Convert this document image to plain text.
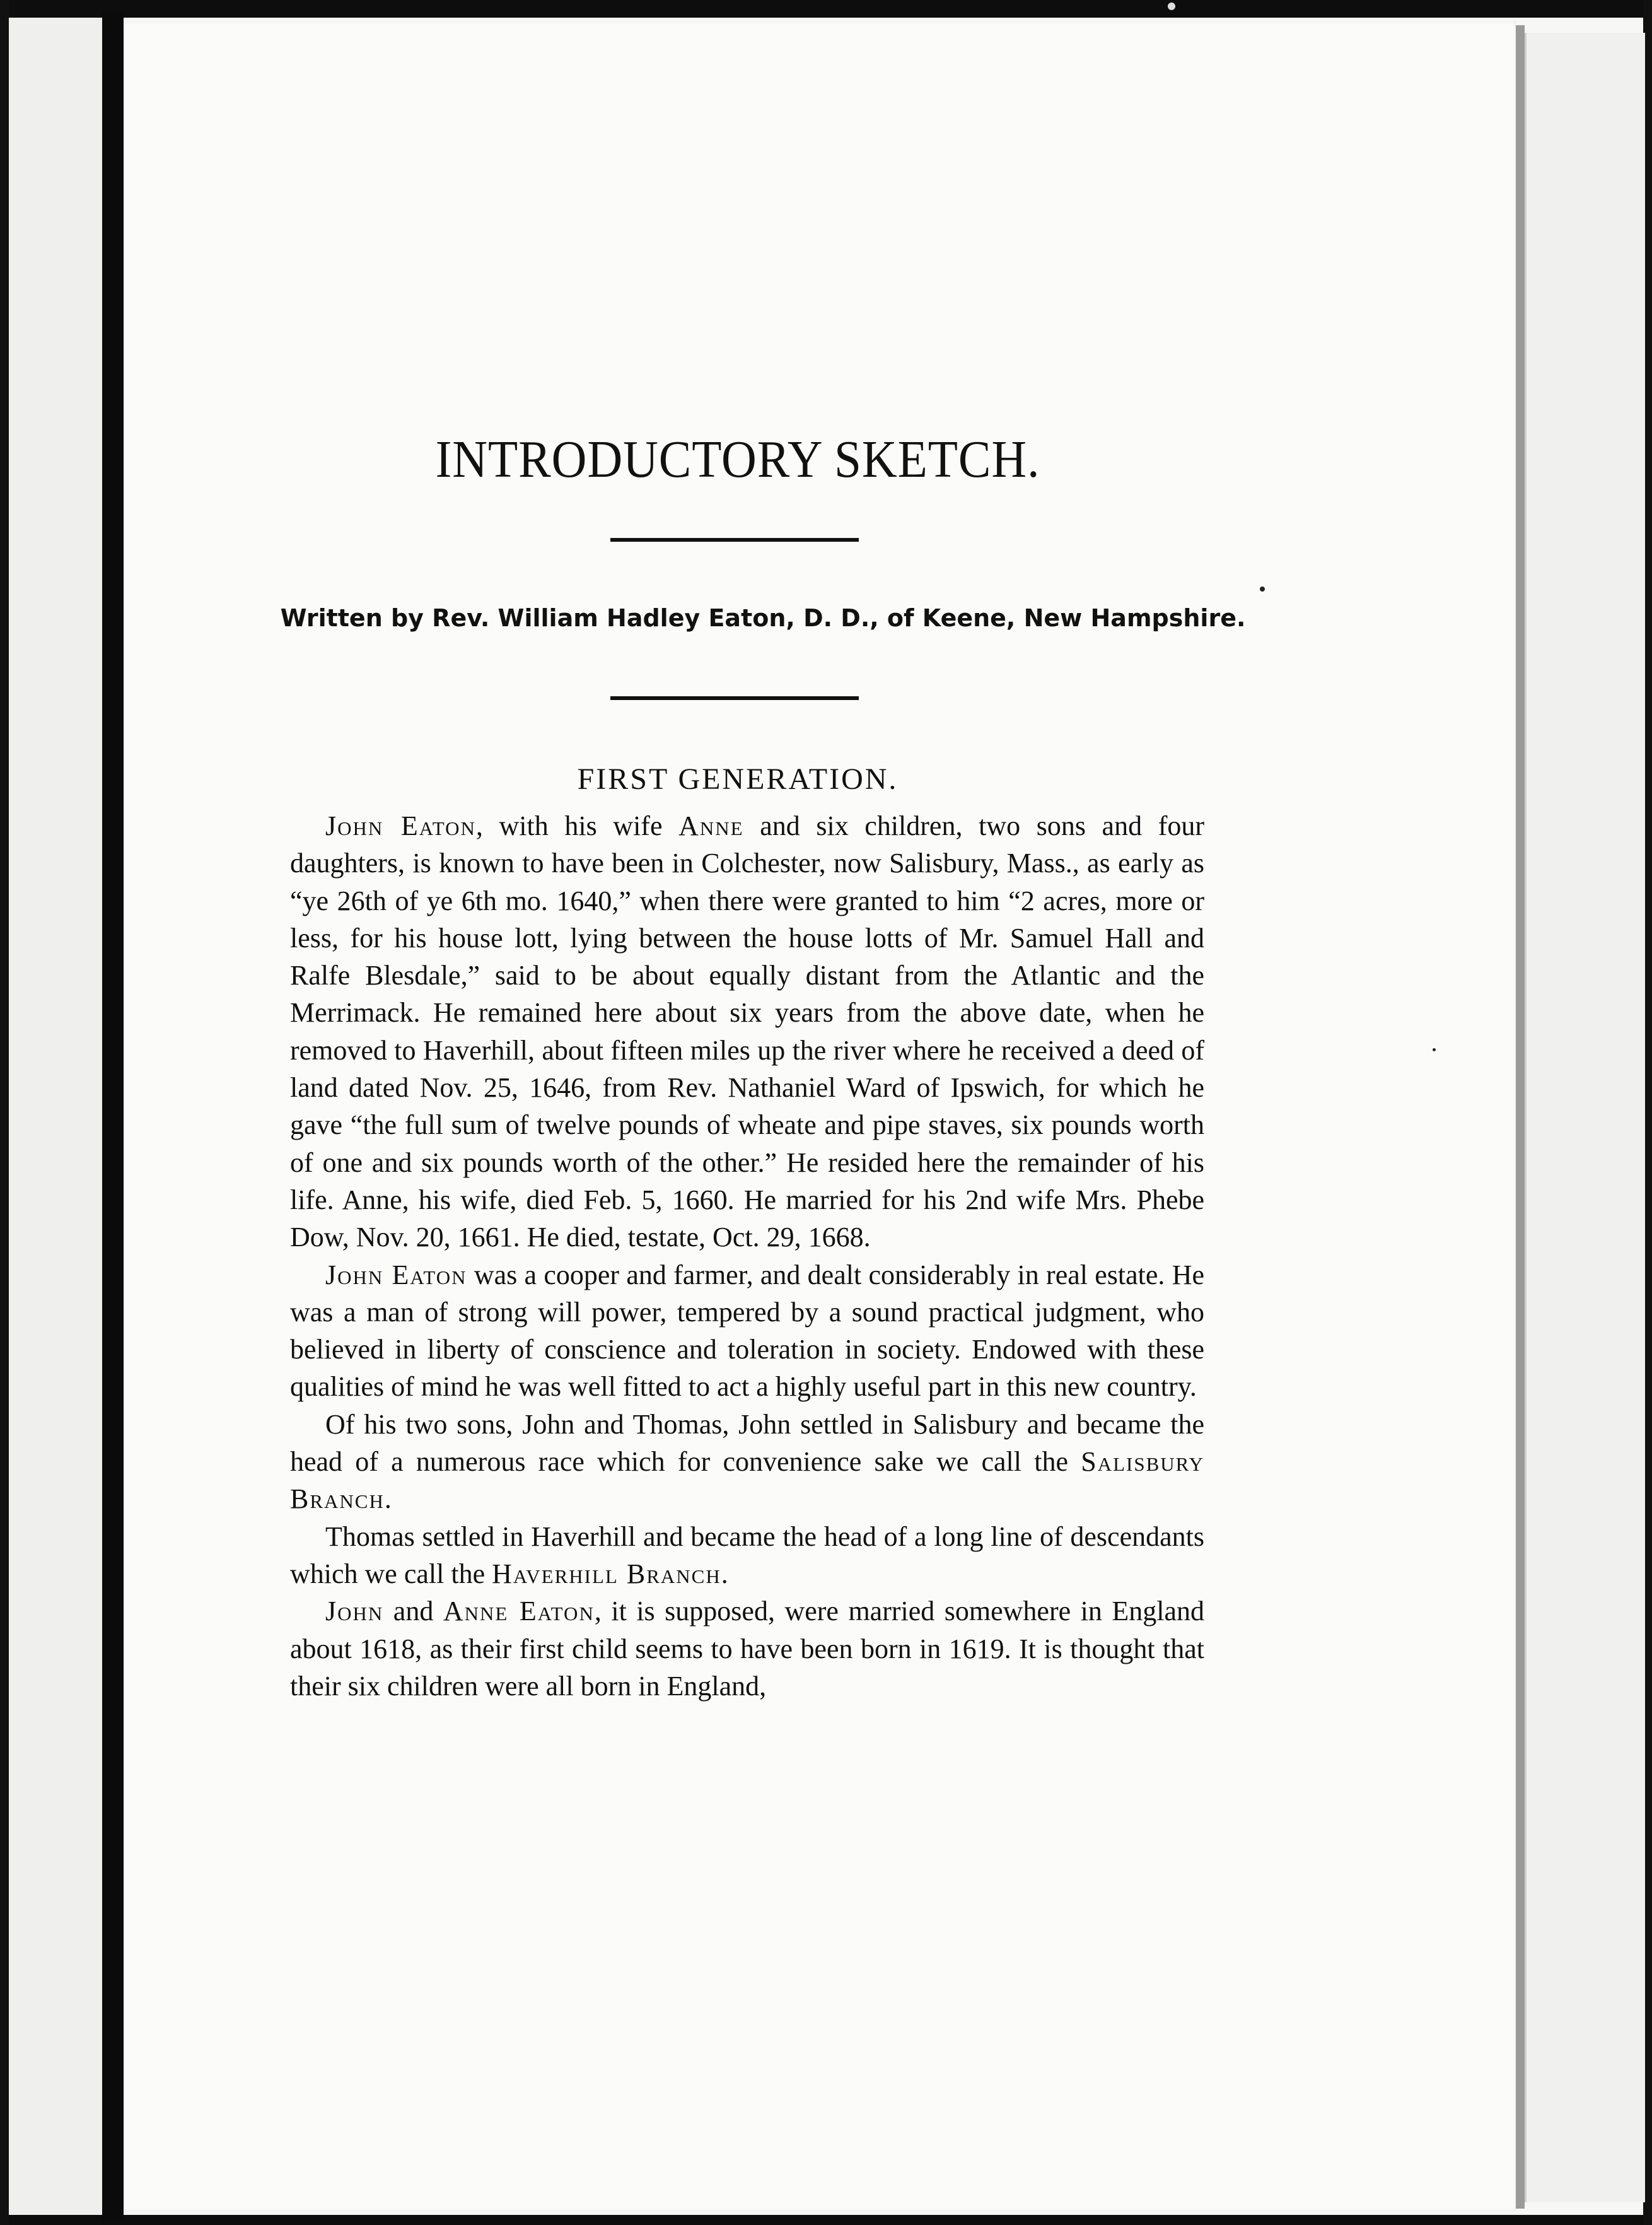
INTRODUCTORY SKETCH.

Written by Rev. William Hadley Eaton, D. D., of Keene, New Hampshire.

FIRST GENERATION.

John Eaton, with his wife Anne and six children, two sons and four daughters, is known to have been in Colchester, now Salisbury, Mass., as early as “ye 26th of ye 6th mo. 1640,” when there were granted to him “2 acres, more or less, for his house lott, lying between the house lotts of Mr. Samuel Hall and Ralfe Blesdale,” said to be about equally distant from the Atlantic and the Merrimack. He remained here about six years from the above date, when he removed to Haverhill, about fifteen miles up the river where he received a deed of land dated Nov. 25, 1646, from Rev. Nathaniel Ward of Ipswich, for which he gave “the full sum of twelve pounds of wheate and pipe staves, six pounds worth of one and six pounds worth of the other.” He resided here the remainder of his life. Anne, his wife, died Feb. 5, 1660. He married for his 2nd wife Mrs. Phebe Dow, Nov. 20, 1661. He died, testate, Oct. 29, 1668.

John Eaton was a cooper and farmer, and dealt considerably in real estate. He was a man of strong will power, tempered by a sound practical judgment, who believed in liberty of conscience and toleration in society. Endowed with these qualities of mind he was well fitted to act a highly useful part in this new country.

Of his two sons, John and Thomas, John settled in Salisbury and became the head of a numerous race which for convenience sake we call the Salisbury Branch.

Thomas settled in Haverhill and became the head of a long line of descendants which we call the Haverhill Branch.

John and Anne Eaton, it is supposed, were married somewhere in England about 1618, as their first child seems to have been born in 1619. It is thought that their six children were all born in England,
